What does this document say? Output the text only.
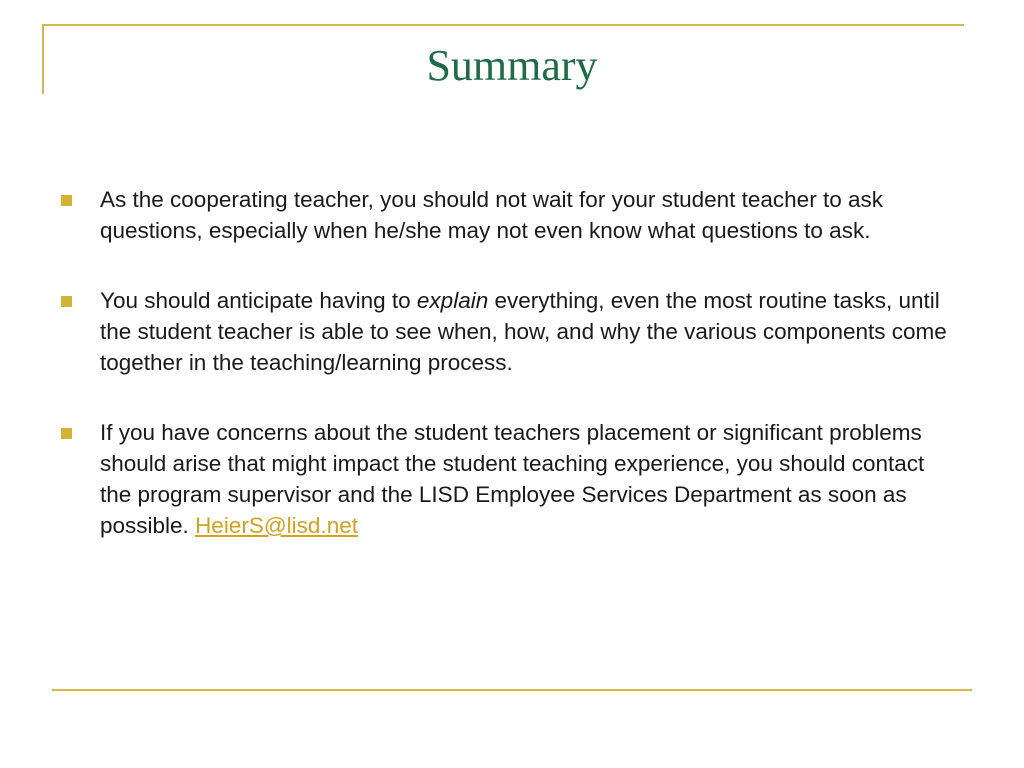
Summary
As the cooperating teacher, you should not wait for your student teacher to ask questions, especially when he/she may not even know what questions to ask.
You should anticipate having to explain everything, even the most routine tasks, until the student teacher is able to see when, how, and why the various components come together in the teaching/learning process.
If you have concerns about the student teachers placement or significant problems should arise that might impact the student teaching experience, you should contact the program supervisor and the LISD Employee Services Department as soon as possible. HeierS@lisd.net
